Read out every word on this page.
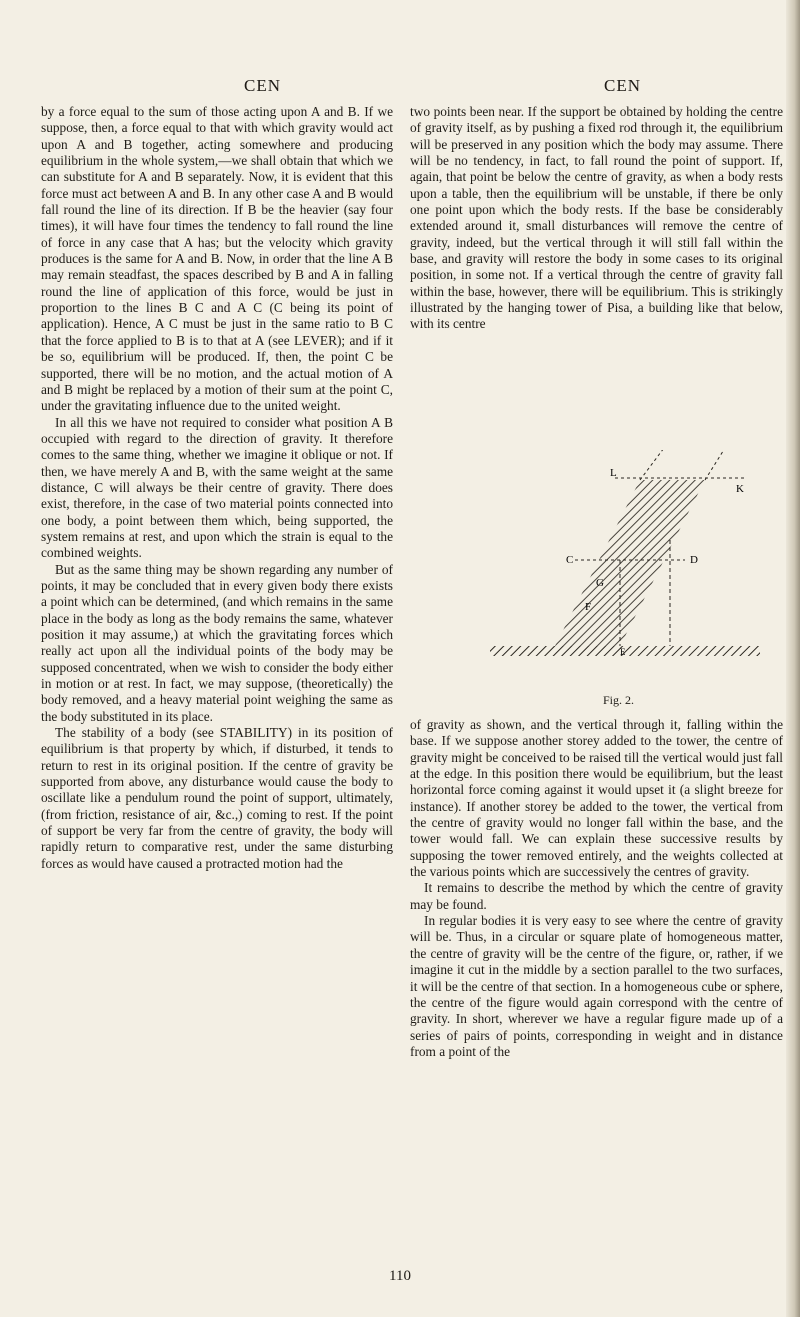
CEN	CEN

by a force equal to the sum of those acting upon A and B. If we suppose, then, a force equal to that with which gravity would act upon A and B together, acting somewhere and producing equilibrium in the whole system,—we shall obtain that which we can substitute for A and B separately. Now, it is evident that this force must act between A and B. In any other case A and B would fall round the line of its direction. If B be the heavier (say four times), it will have four times the tendency to fall round the line of force in any case that A has; but the velocity which gravity produces is the same for A and B. Now, in order that the line A B may remain steadfast, the spaces described by B and A in falling round the line of application of this force, would be just in proportion to the lines B C and A C (C being its point of application). Hence, A C must be just in the same ratio to B C that the force applied to B is to that at A (see LEVER); and if it be so, equilibrium will be produced. If, then, the point C be supported, there will be no motion, and the actual motion of A and B might be replaced by a motion of their sum at the point C, under the gravitating influence due to the united weight.

In all this we have not required to consider what position A B occupied with regard to the direction of gravity. It therefore comes to the same thing, whether we imagine it oblique or not. If then, we have merely A and B, with the same weight at the same distance, C will always be their centre of gravity. There does exist, therefore, in the case of two material points connected into one body, a point between them which, being supported, the system remains at rest, and upon which the strain is equal to the combined weights.

But as the same thing may be shown regarding any number of points, it may be concluded that in every given body there exists a point which can be determined, (and which remains in the same place in the body as long as the body remains the same, whatever position it may assume,) at which the gravitating forces which really act upon all the individual points of the body may be supposed concentrated, when we wish to consider the body either in motion or at rest. In fact, we may suppose, (theoretically) the body removed, and a heavy material point weighing the same as the body substituted in its place.

The stability of a body (see STABILITY) in its position of equilibrium is that property by which, if disturbed, it tends to return to rest in its original position. If the centre of gravity be supported from above, any disturbance would cause the body to oscillate like a pendulum round the point of support, ultimately, (from friction, resistance of air, &c.,) coming to rest. If the point of support be very far from the centre of gravity, the body will rapidly return to comparative rest, under the same disturbing forces as would have caused a protracted motion had the

two points been near. If the support be obtained by holding the centre of gravity itself, as by pushing a fixed rod through it, the equilibrium will be preserved in any position which the body may assume. There will be no tendency, in fact, to fall round the point of support. If, again, that point be below the centre of gravity, as when a body rests upon a table, then the equilibrium will be unstable, if there be only one point upon which the body rests. If the base be considerably extended around it, small disturbances will remove the centre of gravity, indeed, but the vertical through it will still fall within the base, and gravity will restore the body in some cases to its original position, in some not. If a vertical through the centre of gravity fall within the base, however, there will be equilibrium. This is strikingly illustrated by the hanging tower of Pisa, a building like that below, with its centre

L
K
C	D
G
F
E
Fig. 2.

of gravity as shown, and the vertical through it, falling within the base. If we suppose another storey added to the tower, the centre of gravity might be conceived to be raised till the vertical would just fall at the edge. In this position there would be equilibrium, but the least horizontal force coming against it would upset it (a slight breeze for instance). If another storey be added to the tower, the vertical from the centre of gravity would no longer fall within the base, and the tower would fall. We can explain these successive results by supposing the tower removed entirely, and the weights collected at the various points which are successively the centres of gravity.

It remains to describe the method by which the centre of gravity may be found.

In regular bodies it is very easy to see where the centre of gravity will be. Thus, in a circular or square plate of homogeneous matter, the centre of gravity will be the centre of the figure, or, rather, if we imagine it cut in the middle by a section parallel to the two surfaces, it will be the centre of that section. In a homogeneous cube or sphere, the centre of the figure would again correspond with the centre of gravity. In short, wherever we have a regular figure made up of a series of pairs of points, corresponding in weight and in distance from a point of the

110
